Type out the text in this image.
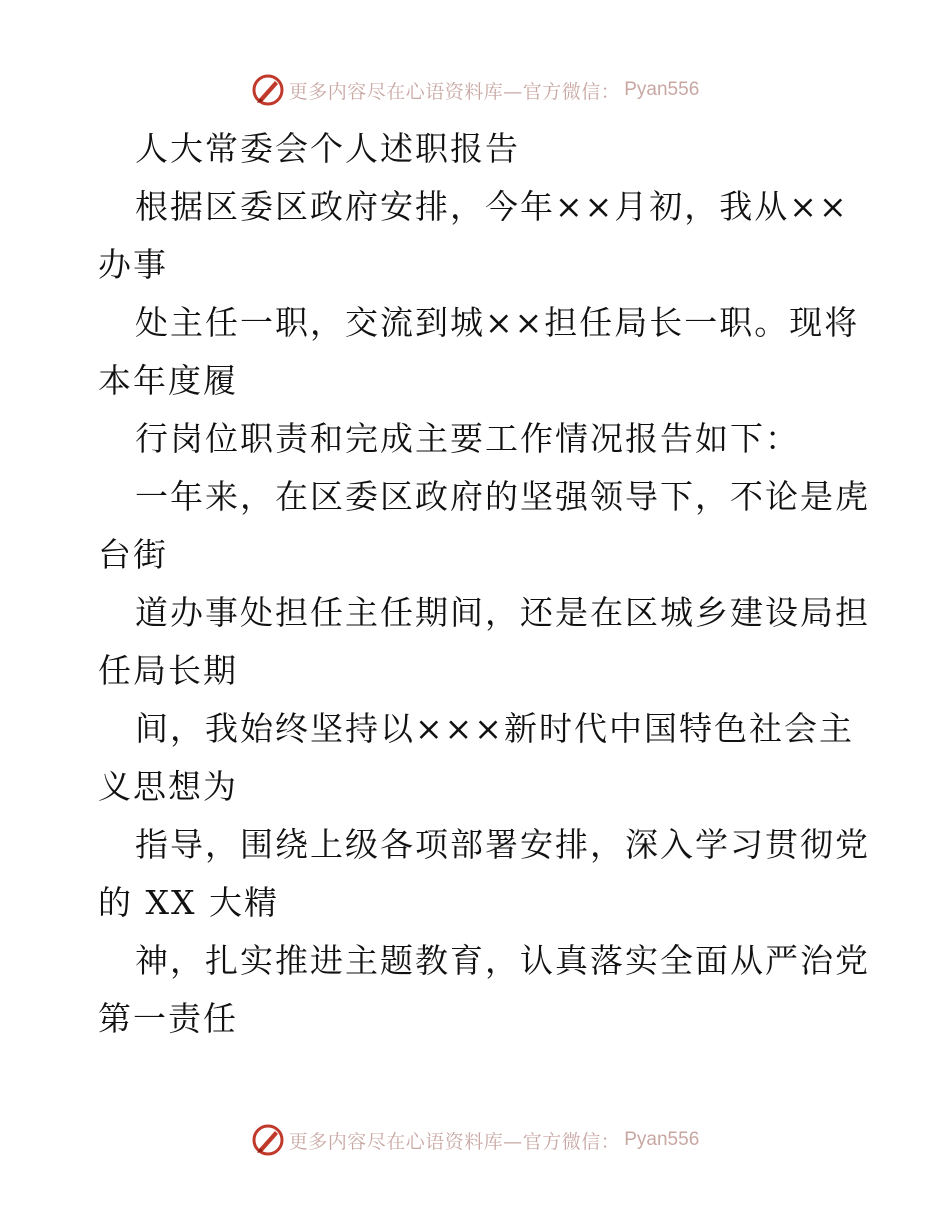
更多内容尽在心语资料库—官方微信： Pyan556
人大常委会个人述职报告
根据区委区政府安排，今年××月初，我从××
办事
处主任一职，交流到城××担任局长一职。现将
本年度履
行岗位职责和完成主要工作情况报告如下：
一年来，在区委区政府的坚强领导下，不论是虎
台街
道办事处担任主任期间，还是在区城乡建设局担
任局长期
间，我始终坚持以×××新时代中国特色社会主
义思想为
指导，围绕上级各项部署安排，深入学习贯彻党
的 XX 大精
神，扎实推进主题教育，认真落实全面从严治党
第一责任
更多内容尽在心语资料库—官方微信： Pyan556
